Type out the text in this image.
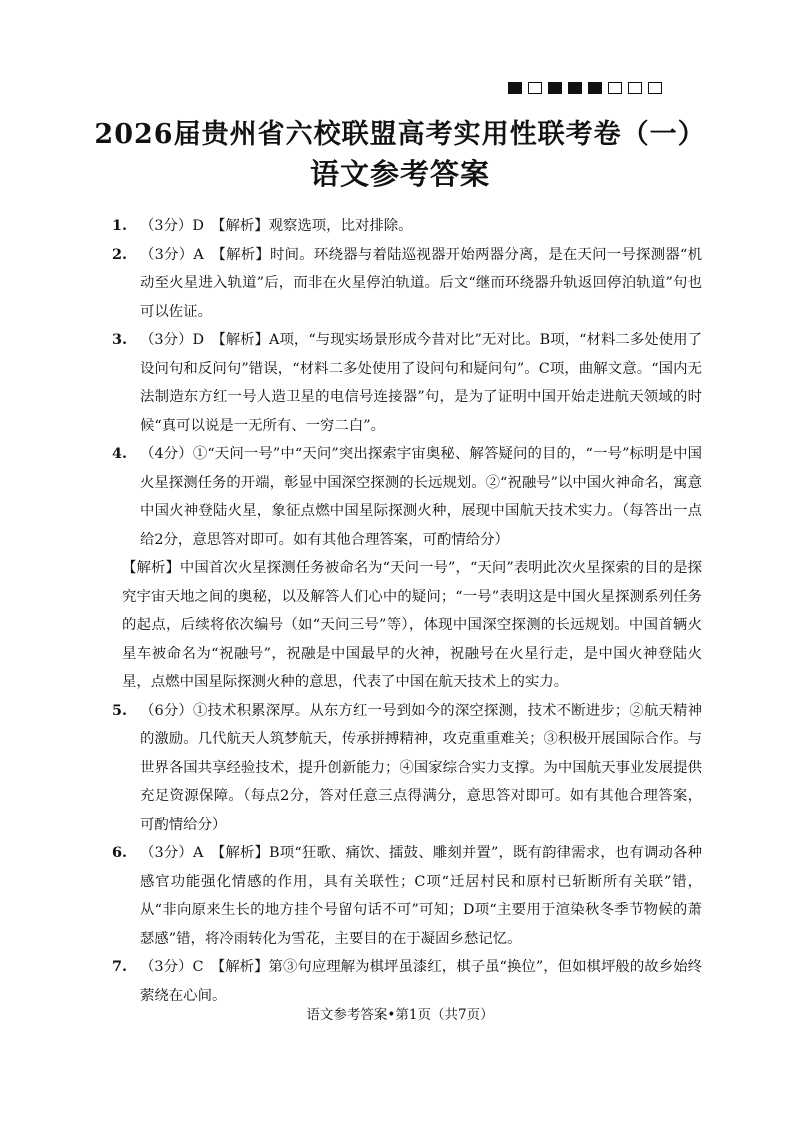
2026届贵州省六校联盟高考实用性联考卷（一）
语文参考答案
1. （3分）D　【解析】观察选项，比对排除。
2. （3分）A　【解析】时间。环绕器与着陆巡视器开始两器分离，是在天问一号探测器“机动至火星进入轨道”后，而非在火星停泊轨道。后文“继而环绕器升轨返回停泊轨道”句也可以佐证。
3. （3分）D　【解析】A项，“与现实场景形成今昔对比”无对比。B项，“材料二多处使用了设问句和反问句”错误，“材料二多处使用了设问句和疑问句”。C项，曲解文意。“国内无法制造东方红一号人造卫星的电信号连接器”句，是为了证明中国开始走进航天领域的时候“真可以说是一无所有、一穷二白”。
4. （4分）①“天问一号”中“天问”突出探索宇宙奥秘、解答疑问的目的，“一号”标明是中国火星探测任务的开端，彰显中国深空探测的长远规划。②“祝融号”以中国火神命名，寓意中国火神登陆火星，象征点燃中国星际探测火种，展现中国航天技术实力。（每答出一点给2分，意思答对即可。如有其他合理答案，可酌情给分）

【解析】中国首次火星探测任务被命名为“天问一号”，“天问”表明此次火星探索的目的是探究宇宙天地之间的奥秘，以及解答人们心中的疑问；“一号”表明这是中国火星探测系列任务的起点，后续将依次编号（如“天问三号”等），体现中国深空探测的长远规划。中国首辆火星车被命名为“祝融号”，祝融是中国最早的火神，祝融号在火星行走，是中国火神登陆火星，点燃中国星际探测火种的意思，代表了中国在航天技术上的实力。

5. （6分）①技术积累深厚。从东方红一号到如今的深空探测，技术不断进步；②航天精神的激励。几代航天人筑梦航天，传承拼搏精神，攻克重重难关；③积极开展国际合作。与世界各国共享经验技术，提升创新能力；④国家综合实力支撑。为中国航天事业发展提供充足资源保障。（每点2分，答对任意三点得满分，意思答对即可。如有其他合理答案，可酌情给分）
6. （3分）A　【解析】B项“狂歌、痛饮、擂鼓、雕刻并置”，既有韵律需求，也有调动各种感官功能强化情感的作用，具有关联性；C项“迁居村民和原村已斩断所有关联”错，从“非向原来生长的地方挂个号留句话不可”可知；D项“主要用于渲染秋冬季节物候的萧瑟感”错，将冷雨转化为雪花，主要目的在于凝固乡愁记忆。
7. （3分）C　【解析】第③句应理解为棋坪虽漆红，棋子虽“换位”，但如棋坪般的故乡始终萦绕在心间。
语文参考答案•第1页（共7页）
